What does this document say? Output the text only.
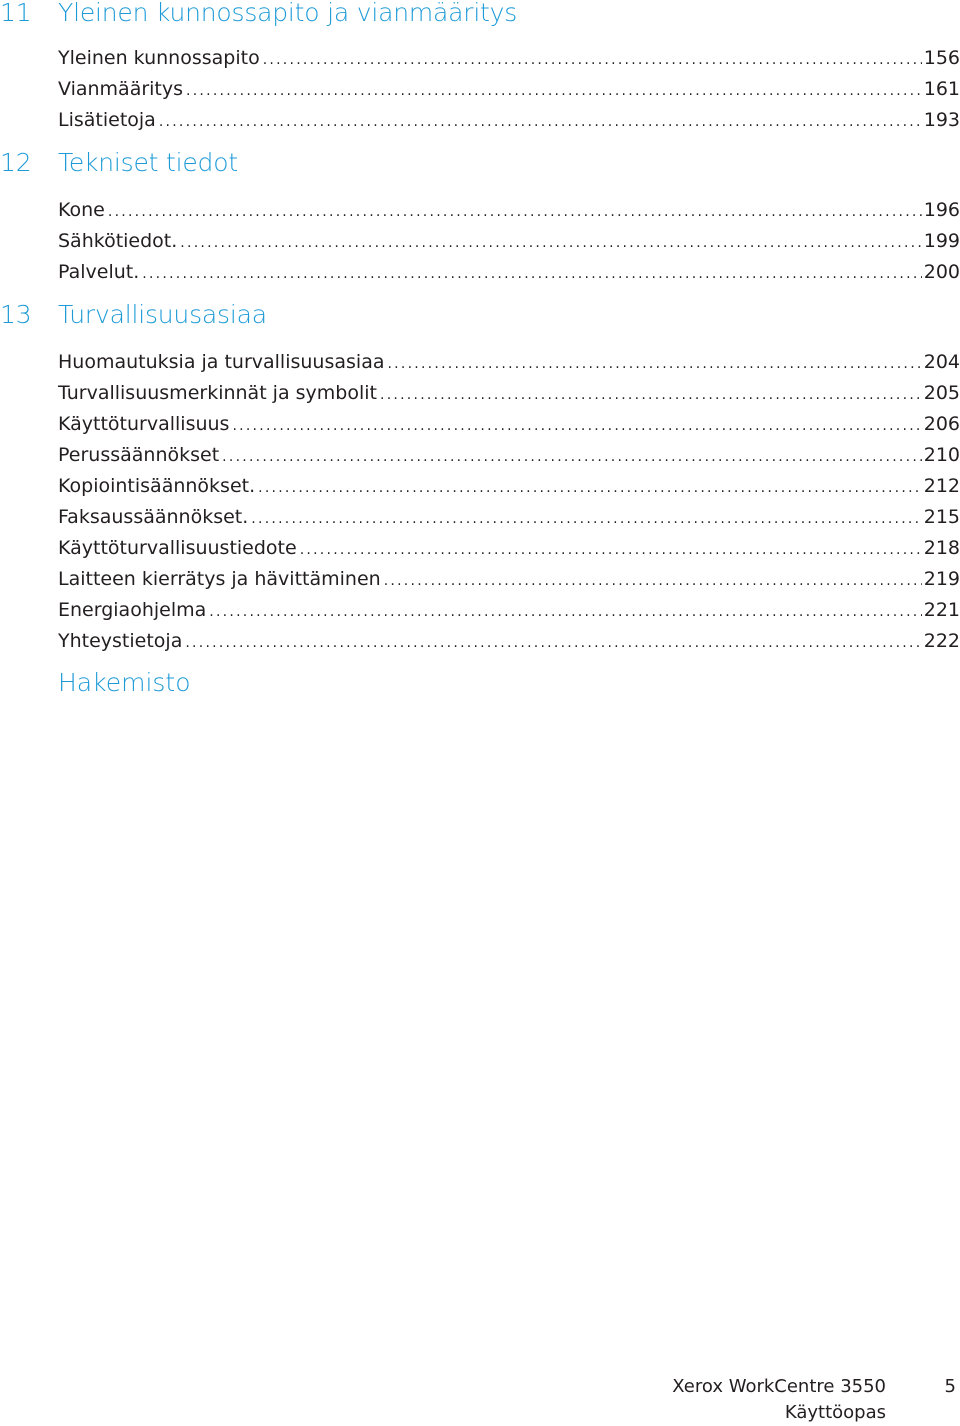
11	Yleinen kunnossapito ja vianmääritys
Yleinen kunnossapito . . .	156
Vianmääritys . . .	161
Lisätietoja . . .	193
12	Tekniset tiedot
Kone . . .	196
Sähkötiedot. . . .	199
Palvelut. . . .	200
13	Turvallisuusasiaa
Huomautuksia ja turvallisuusasiaa . . .	204
Turvallisuusmerkinnät ja symbolit . . .	205
Käyttöturvallisuus . . .	206
Perussäännökset . . .	210
Kopiointisäännökset. . . .	212
Faksaussäännökset. . . .	215
Käyttöturvallisuustiedote . . .	218
Laitteen kierrätys ja hävittäminen . . .	219
Energiaohjelma . . .	221
Yhteystietoja . . .	222
Hakemisto
Xerox WorkCentre 3550
Käyttöopas
5
